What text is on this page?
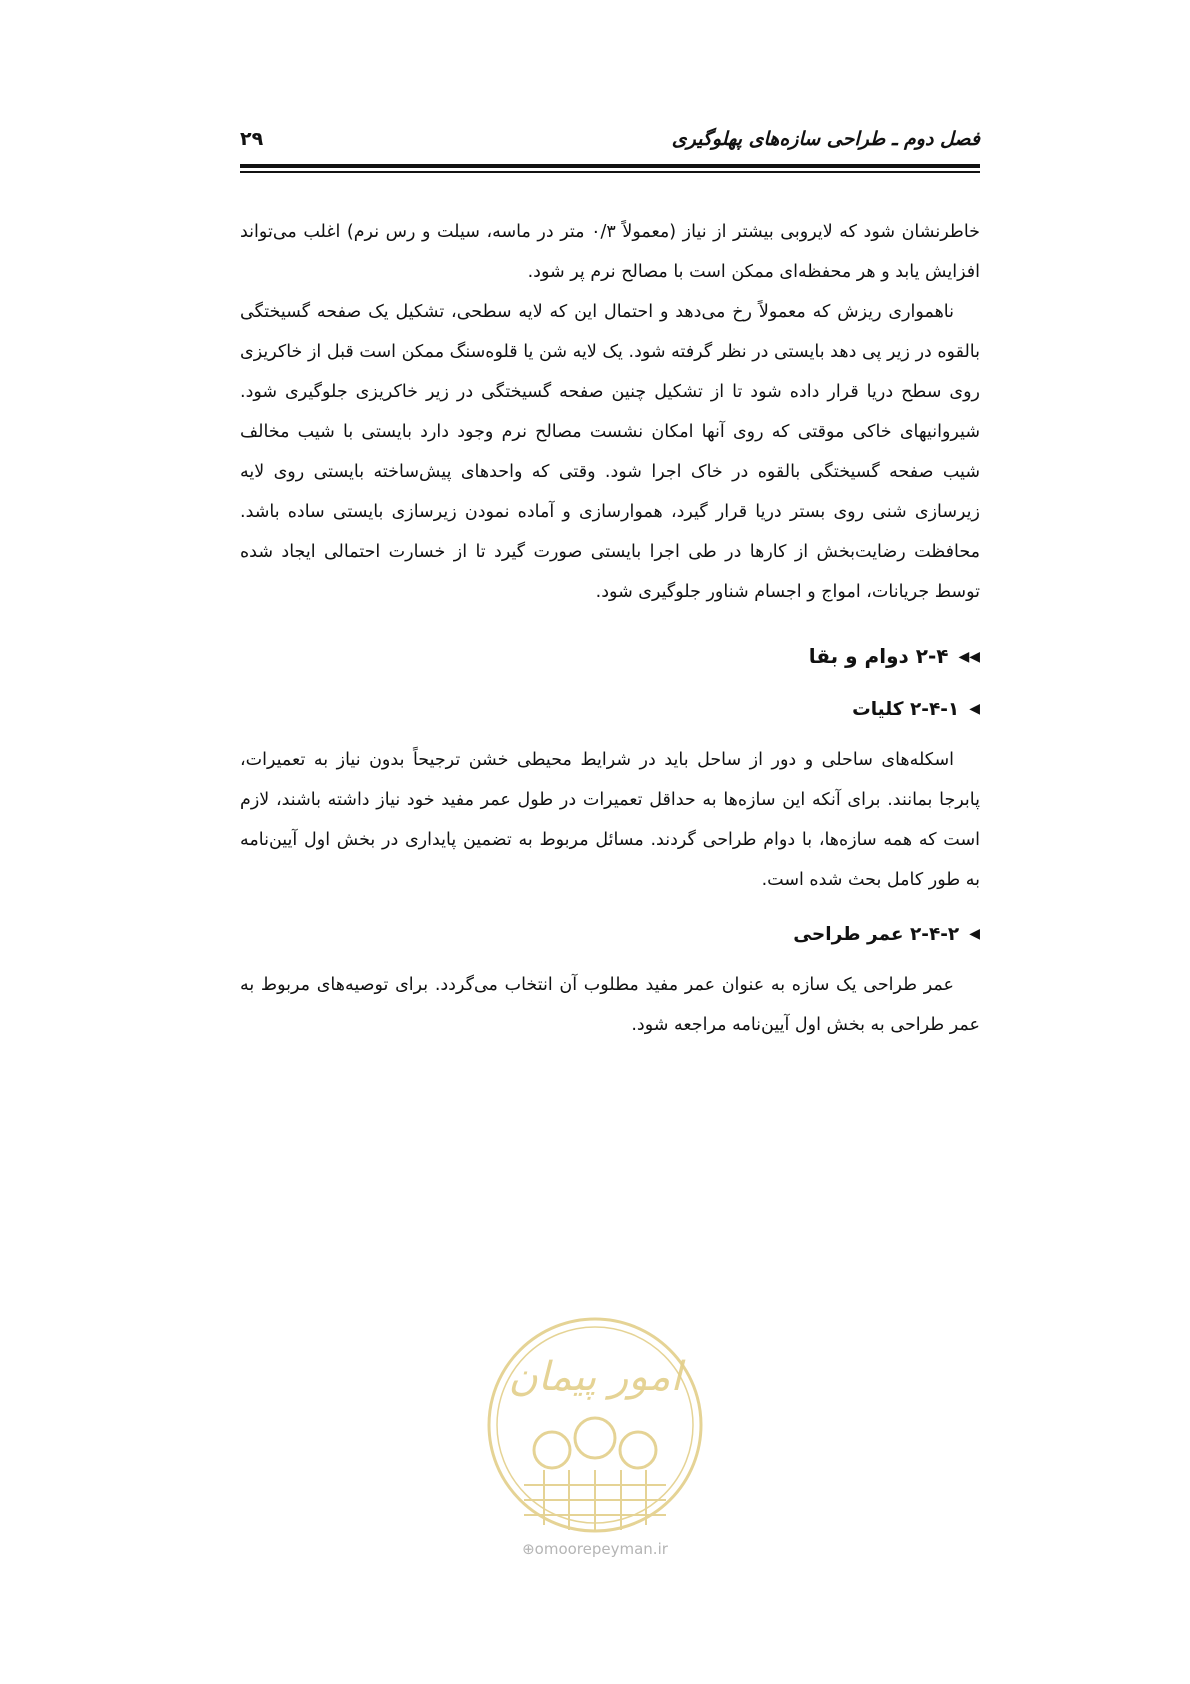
فصل دوم ـ طراحی سازه‌های پهلوگیری
۲۹

خاطرنشان شود که لایروبی بیشتر از نیاز (معمولاً ۰/۳ متر در ماسه، سیلت و رس نرم) اغلب می‌تواند افزایش یابد و هر محفظه‌ای ممکن است با مصالح نرم پر شود.

ناهمواری ریزش که معمولاً رخ می‌دهد و احتمال این که لایه سطحی، تشکیل یک صفحه گسیختگی بالقوه در زیر پی دهد بایستی در نظر گرفته شود. یک لایه شن یا قلوه‌سنگ ممکن است قبل از خاکریزی روی سطح دریا قرار داده شود تا از تشکیل چنین صفحه گسیختگی در زیر خاکریزی جلوگیری شود. شیروانیهای خاکی موقتی که روی آنها امکان نشست مصالح نرم وجود دارد بایستی با شیب مخالف شیب صفحه گسیختگی بالقوه در خاک اجرا شود. وقتی که واحدهای پیش‌ساخته بایستی روی لایه زیرسازی شنی روی بستر دریا قرار گیرد، هموارسازی و آماده نمودن زیرسازی بایستی ساده باشد. محافظت رضایت‌بخش از کارها در طی اجرا بایستی صورت گیرد تا از خسارت احتمالی ایجاد شده توسط جریانات، امواج و اجسام شناور جلوگیری شود.

◀◀۲-۴ دوام و بقا
◀۲-۴-۱ کلیات

اسکله‌های ساحلی و دور از ساحل باید در شرایط محیطی خشن ترجیحاً بدون نیاز به تعمیرات، پابرجا بمانند. برای آنکه این سازه‌ها به حداقل تعمیرات در طول عمر مفید خود نیاز داشته باشند، لازم است که همه سازه‌ها، با دوام طراحی گردند. مسائل مربوط به تضمین پایداری در بخش اول آیین‌نامه به طور کامل بحث شده است.

◀۲-۴-۲ عمر طراحی

عمر طراحی یک سازه به عنوان عمر مفید مطلوب آن انتخاب می‌گردد. برای توصیه‌های مربوط به عمر طراحی به بخش اول آیین‌نامه مراجعه شود.

امور پیمان
⊕omoorepeyman.ir
